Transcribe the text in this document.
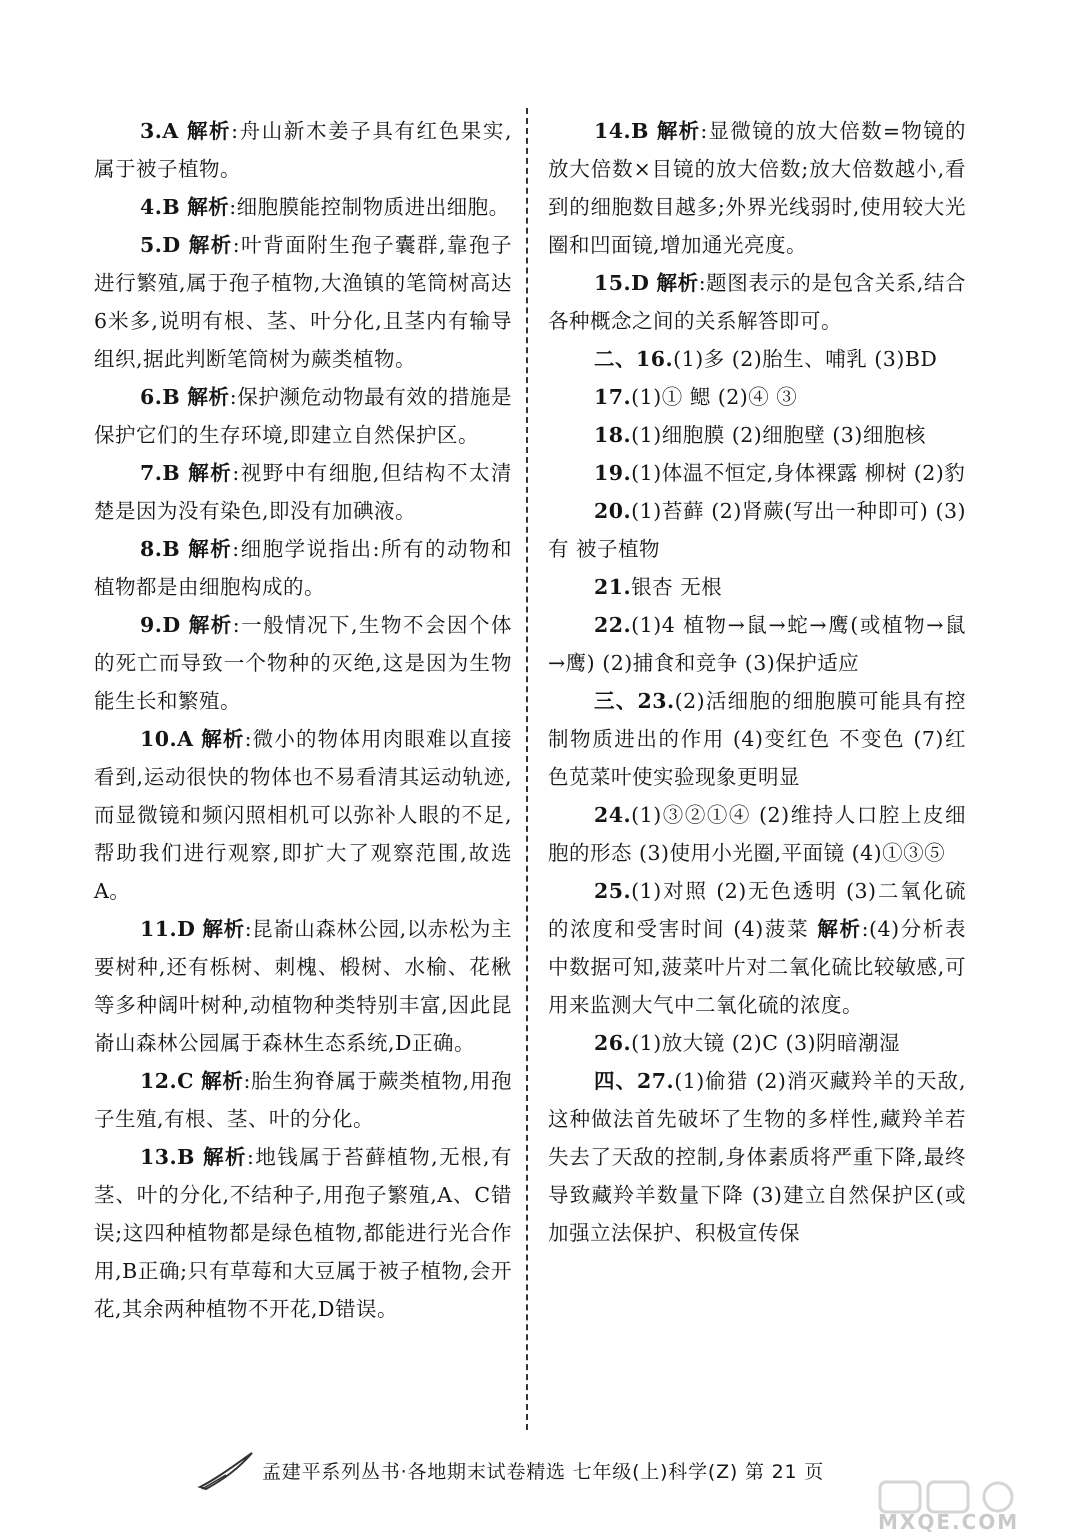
3.A 解析:舟山新木姜子具有红色果实,属于被子植物。

4.B 解析:细胞膜能控制物质进出细胞。

5.D 解析:叶背面附生孢子囊群,靠孢子进行繁殖,属于孢子植物,大渔镇的笔筒树高达6米多,说明有根、茎、叶分化,且茎内有输导组织,据此判断笔筒树为蕨类植物。

6.B 解析:保护濒危动物最有效的措施是保护它们的生存环境,即建立自然保护区。

7.B 解析:视野中有细胞,但结构不太清楚是因为没有染色,即没有加碘液。

8.B 解析:细胞学说指出:所有的动物和植物都是由细胞构成的。

9.D 解析:一般情况下,生物不会因个体的死亡而导致一个物种的灭绝,这是因为生物能生长和繁殖。

10.A 解析:微小的物体用肉眼难以直接看到,运动很快的物体也不易看清其运动轨迹,而显微镜和频闪照相机可以弥补人眼的不足,帮助我们进行观察,即扩大了观察范围,故选A。

11.D 解析:昆嵛山森林公园,以赤松为主要树种,还有栎树、刺槐、椴树、水榆、花楸等多种阔叶树种,动植物种类特别丰富,因此昆嵛山森林公园属于森林生态系统,D正确。

12.C 解析:胎生狗脊属于蕨类植物,用孢子生殖,有根、茎、叶的分化。

13.B 解析:地钱属于苔藓植物,无根,有茎、叶的分化,不结种子,用孢子繁殖,A、C错误;这四种植物都是绿色植物,都能进行光合作用,B正确;只有草莓和大豆属于被子植物,会开花,其余两种植物不开花,D错误。

14.B 解析:显微镜的放大倍数=物镜的放大倍数×目镜的放大倍数;放大倍数越小,看到的细胞数目越多;外界光线弱时,使用较大光圈和凹面镜,增加通光亮度。

15.D 解析:题图表示的是包含关系,结合各种概念之间的关系解答即可。

二、16.(1)多 (2)胎生、哺乳 (3)BD

17.(1)① 鳃 (2)④ ③

18.(1)细胞膜 (2)细胞壁 (3)细胞核

19.(1)体温不恒定,身体裸露 柳树 (2)豹

20.(1)苔藓 (2)肾蕨(写出一种即可) (3)有 被子植物

21.银杏 无根

22.(1)4 植物→鼠→蛇→鹰(或植物→鼠→鹰) (2)捕食和竞争 (3)保护适应

三、23.(2)活细胞的细胞膜可能具有控制物质进出的作用 (4)变红色 不变色 (7)红色苋菜叶使实验现象更明显

24.(1)③②①④ (2)维持人口腔上皮细胞的形态 (3)使用小光圈,平面镜 (4)①③⑤

25.(1)对照 (2)无色透明 (3)二氧化硫的浓度和受害时间 (4)菠菜 解析:(4)分析表中数据可知,菠菜叶片对二氧化硫比较敏感,可用来监测大气中二氧化硫的浓度。

26.(1)放大镜 (2)C (3)阴暗潮湿

四、27.(1)偷猎 (2)消灭藏羚羊的天敌,这种做法首先破坏了生物的多样性,藏羚羊若失去了天敌的控制,身体素质将严重下降,最终导致藏羚羊数量下降 (3)建立自然保护区(或加强立法保护、积极宣传保

孟建平系列丛书·各地期末试卷精选 七年级(上)科学(Z) 第 21 页
MXQE.COM
